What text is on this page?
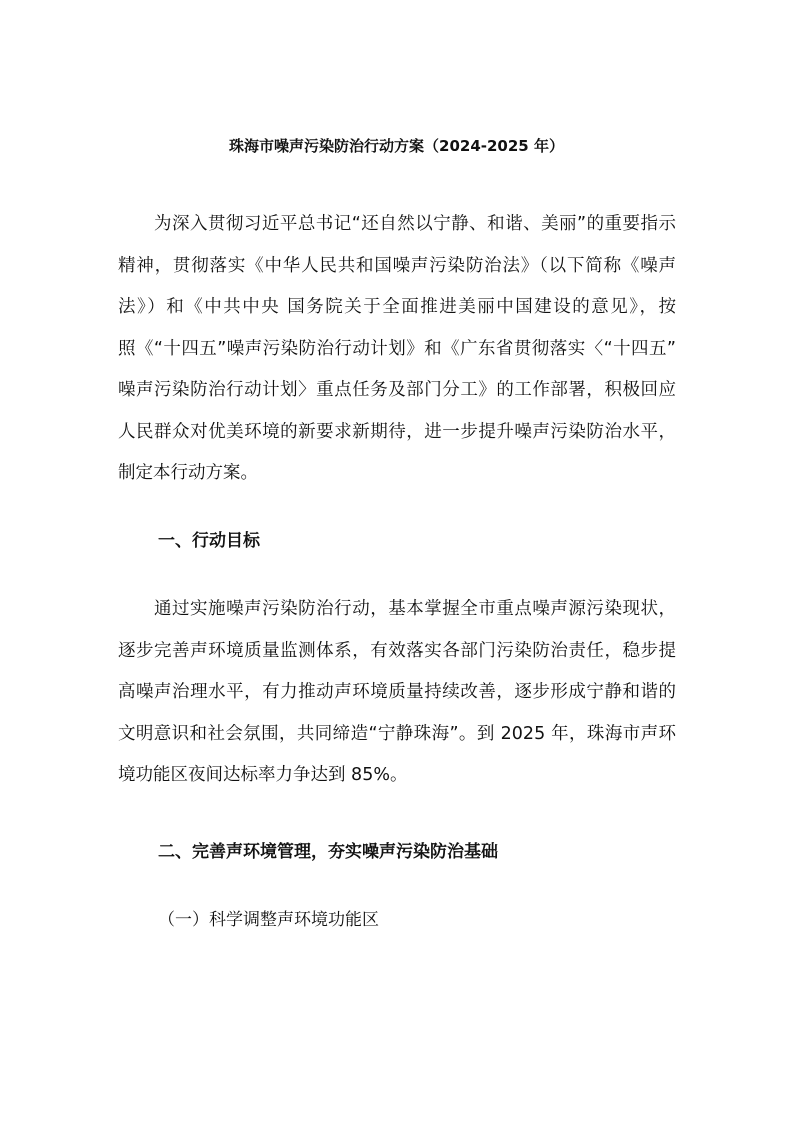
珠海市噪声污染防治行动方案（2024-2025 年）

为深入贯彻习近平总书记“还自然以宁静、和谐、美丽”的重要指示
精神，贯彻落实《中华人民共和国噪声污染防治法》（以下简称《噪声
法》）和《中共中央 国务院关于全面推进美丽中国建设的意见》，按
照《“十四五”噪声污染防治行动计划》和《广东省贯彻落实〈“十四五”
噪声污染防治行动计划〉重点任务及部门分工》的工作部署，积极回应
人民群众对优美环境的新要求新期待，进一步提升噪声污染防治水平，
制定本行动方案。

一、行动目标

通过实施噪声污染防治行动，基本掌握全市重点噪声源污染现状，
逐步完善声环境质量监测体系，有效落实各部门污染防治责任，稳步提
高噪声治理水平，有力推动声环境质量持续改善，逐步形成宁静和谐的
文明意识和社会氛围，共同缔造“宁静珠海”。到 2025 年，珠海市声环
境功能区夜间达标率力争达到 85%。

二、完善声环境管理，夯实噪声污染防治基础
（一）科学调整声环境功能区
